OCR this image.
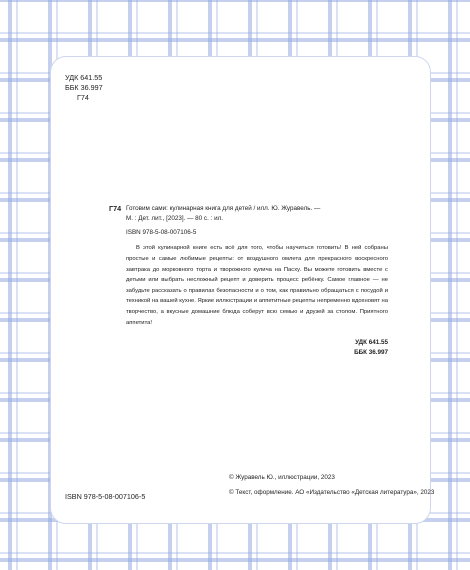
УДК 641.55
ББК 36.997
Г74
Г74 Готовим сами: кулинарная книга для детей / илл. Ю. Журавель. —
М. : Дет. лит., [2023]. — 80 с. : ил.
ISBN 978-5-08-007106-5
В этой кулинарной книге есть всё для того, чтобы научиться готовить! В ней собраны простые и самые любимые рецепты: от воздушного омлета для прекрасного воскресного завтрака до морковного торта и творожного кулича на Пасху. Вы можете готовить вместе с детьми или выбрать несложный рецепт и доверить процесс ребёнку. Самое главное — не забудьте рассказать о правилах безопасности и о том, как правильно обращаться с посудой и техникой на вашей кухне. Яркие иллюстрации и аппетитные рецепты непременно вдохновят на творчество, а вкусные домашние блюда соберут всю семью и друзей за столом. Приятного аппетита!
УДК 641.55
ББК 36.997
© Журавель Ю., иллюстрации, 2023
© Текст, оформление. АО «Издательство «Детская литература», 2023
ISBN 978-5-08-007106-5
